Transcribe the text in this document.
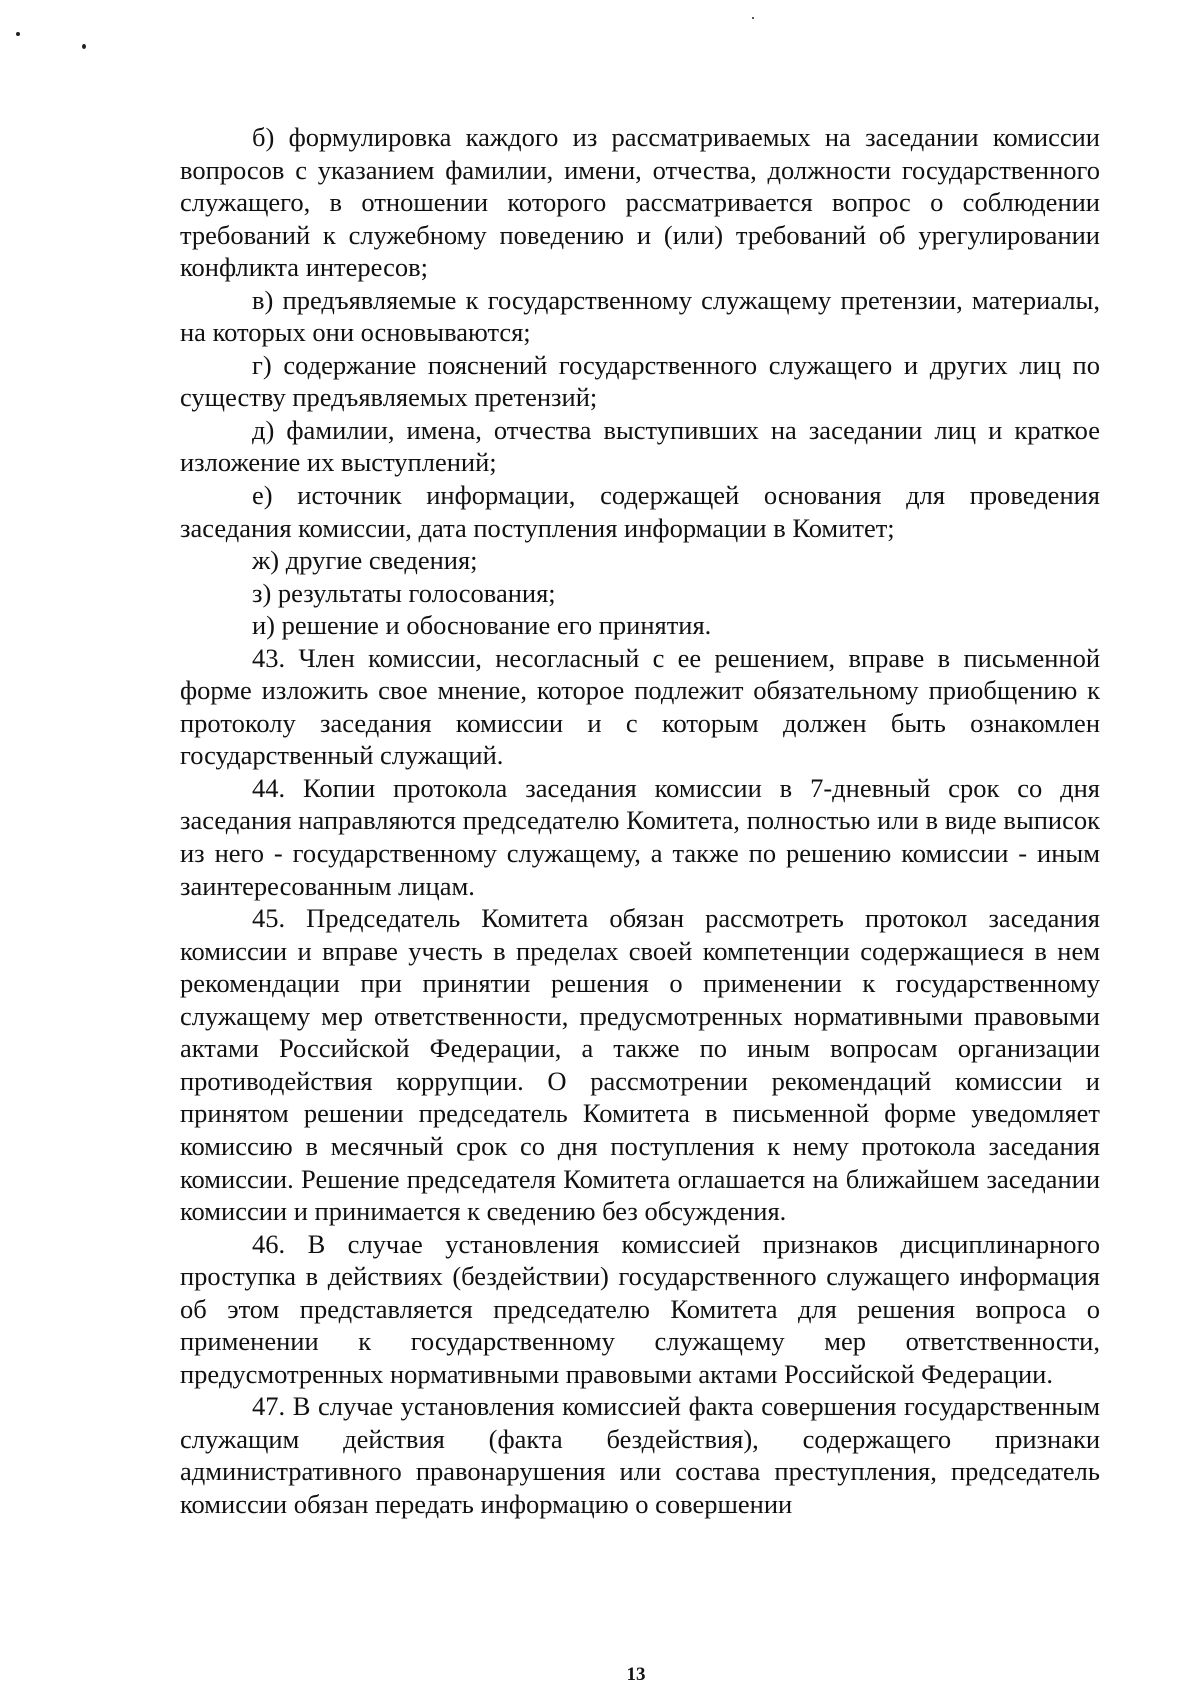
б) формулировка каждого из рассматриваемых на заседании комиссии вопросов с указанием фамилии, имени, отчества, должности государственного служащего, в отношении которого рассматривается вопрос о соблюдении требований к служебному поведению и (или) требований об урегулировании конфликта интересов;

в) предъявляемые к государственному служащему претензии, материалы, на которых они основываются;

г) содержание пояснений государственного служащего и других лиц по существу предъявляемых претензий;

д) фамилии, имена, отчества выступивших на заседании лиц и краткое изложение их выступлений;

е) источник информации, содержащей основания для проведения заседания комиссии, дата поступления информации в Комитет;

ж) другие сведения;

з) результаты голосования;

и) решение и обоснование его принятия.

43. Член комиссии, несогласный с ее решением, вправе в письменной форме изложить свое мнение, которое подлежит обязательному приобщению к протоколу заседания комиссии и с которым должен быть ознакомлен государственный служащий.

44. Копии протокола заседания комиссии в 7-дневный срок со дня заседания направляются председателю Комитета, полностью или в виде выписок из него - государственному служащему, а также по решению комиссии - иным заинтересованным лицам.

45. Председатель Комитета обязан рассмотреть протокол заседания комиссии и вправе учесть в пределах своей компетенции содержащиеся в нем рекомендации при принятии решения о применении к государственному служащему мер ответственности, предусмотренных нормативными правовыми актами Российской Федерации, а также по иным вопросам организации противодействия коррупции. О рассмотрении рекомендаций комиссии и принятом решении председатель Комитета в письменной форме уведомляет комиссию в месячный срок со дня поступления к нему протокола заседания комиссии. Решение председателя Комитета оглашается на ближайшем заседании комиссии и принимается к сведению без обсуждения.

46. В случае установления комиссией признаков дисциплинарного проступка в действиях (бездействии) государственного служащего информация об этом представляется председателю Комитета для решения вопроса о применении к государственному служащему мер ответственности, предусмотренных нормативными правовыми актами Российской Федерации.

47. В случае установления комиссией факта совершения государственным служащим действия (факта бездействия), содержащего признаки административного правонарушения или состава преступления, председатель комиссии обязан передать информацию о совершении

13
